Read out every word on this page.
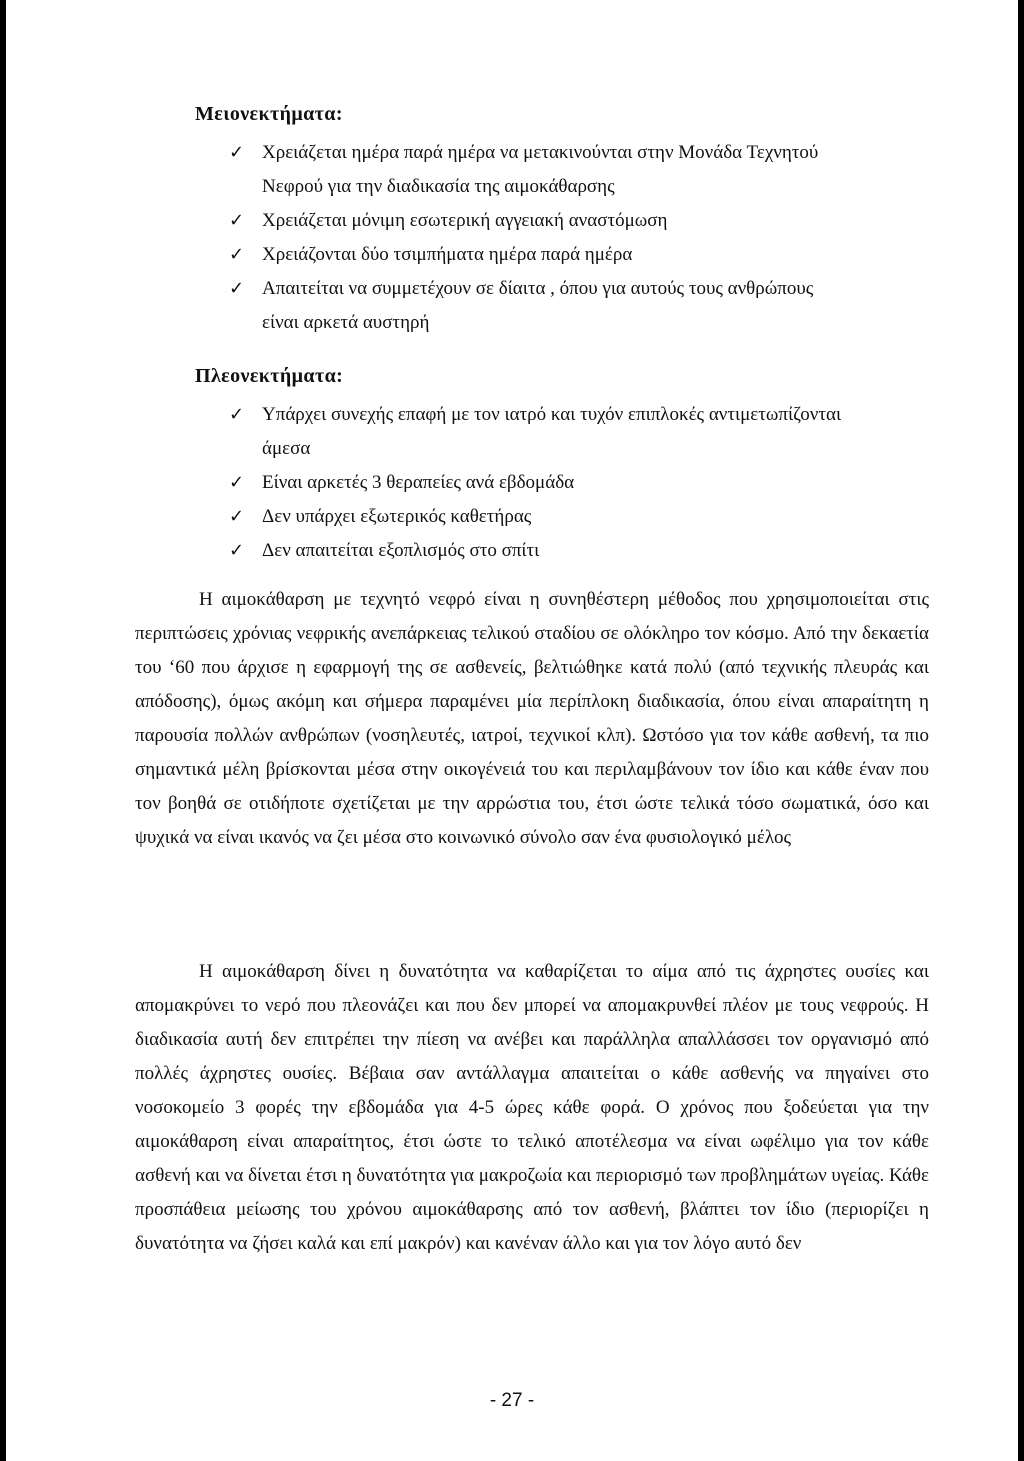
Μειονεκτήματα:
✓ Χρειάζεται ημέρα παρά ημέρα να μετακινούνται στην Μονάδα Τεχνητού
Νεφρού για την διαδικασία της αιμοκάθαρσης
✓ Χρειάζεται μόνιμη εσωτερική αγγειακή αναστόμωση
✓ Χρειάζονται δύο τσιμπήματα ημέρα παρά ημέρα
✓ Απαιτείται να συμμετέχουν σε δίαιτα , όπου για αυτούς τους ανθρώπους
είναι αρκετά αυστηρή
Πλεονεκτήματα:
✓ Υπάρχει συνεχής επαφή με τον ιατρό και τυχόν επιπλοκές αντιμετωπίζονται
άμεσα
✓ Είναι αρκετές 3 θεραπείες ανά εβδομάδα
✓ Δεν υπάρχει εξωτερικός καθετήρας
✓ Δεν απαιτείται εξοπλισμός στο σπίτι

Η αιμοκάθαρση με τεχνητό νεφρό είναι η συνηθέστερη μέθοδος που χρησιμοποιείται στις περιπτώσεις χρόνιας νεφρικής ανεπάρκειας τελικού σταδίου σε ολόκληρο τον κόσμο. Από την δεκαετία του ‘60 που άρχισε η εφαρμογή της σε ασθενείς, βελτιώθηκε κατά πολύ (από τεχνικής πλευράς και απόδοσης), όμως ακόμη και σήμερα παραμένει μία περίπλοκη διαδικασία, όπου είναι απαραίτητη η παρουσία πολλών ανθρώπων (νοσηλευτές, ιατροί, τεχνικοί κλπ). Ωστόσο για τον κάθε ασθενή, τα πιο σημαντικά μέλη βρίσκονται μέσα στην οικογένειά του και περιλαμβάνουν τον ίδιο και κάθε έναν που τον βοηθά σε οτιδήποτε σχετίζεται με την αρρώστια του, έτσι ώστε τελικά τόσο σωματικά, όσο και ψυχικά να είναι ικανός να ζει μέσα στο κοινωνικό σύνολο σαν ένα φυσιολογικό μέλος

Η αιμοκάθαρση δίνει η δυνατότητα να καθαρίζεται το αίμα από τις άχρηστες ουσίες και απομακρύνει το νερό που πλεονάζει και που δεν μπορεί να απομακρυνθεί πλέον με τους νεφρούς. Η διαδικασία αυτή δεν επιτρέπει την πίεση να ανέβει και παράλληλα απαλλάσσει τον οργανισμό από πολλές άχρηστες ουσίες. Βέβαια σαν αντάλλαγμα απαιτείται ο κάθε ασθενής να πηγαίνει στο νοσοκομείο 3 φορές την εβδομάδα για 4-5 ώρες κάθε φορά. Ο χρόνος που ξοδεύεται για την αιμοκάθαρση είναι απαραίτητος, έτσι ώστε το τελικό αποτέλεσμα να είναι ωφέλιμο για τον κάθε ασθενή και να δίνεται έτσι η δυνατότητα για μακροζωία και περιορισμό των προβλημάτων υγείας. Κάθε προσπάθεια μείωσης του χρόνου αιμοκάθαρσης από τον ασθενή, βλάπτει τον ίδιο (περιορίζει η δυνατότητα να ζήσει καλά και επί μακρόν) και κανέναν άλλο και για τον λόγο αυτό δεν

- 27 -
